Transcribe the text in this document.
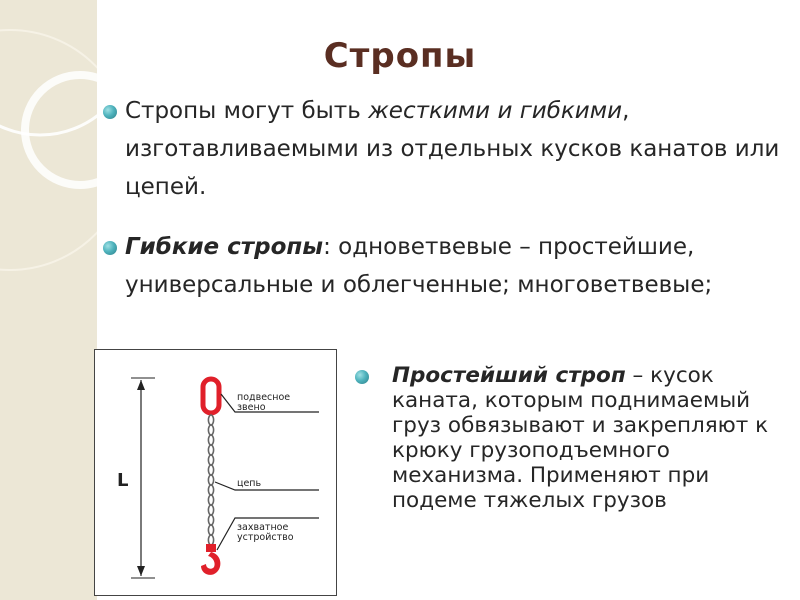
Стропы
Стропы могут быть жесткими и гибкими, изготавливаемыми из отдельных кусков канатов или цепей.
Гибкие стропы: одноветвевые – простейшие, универсальные и облегченные; многоветвевые;
Простейший строп – кусок каната, которым поднимаемый груз обвязывают и закрепляют к крюку грузоподъемного механизма. Применяют при подеме тяжелых грузов
L
подвесное
звено
цепь
захватное
устройство
